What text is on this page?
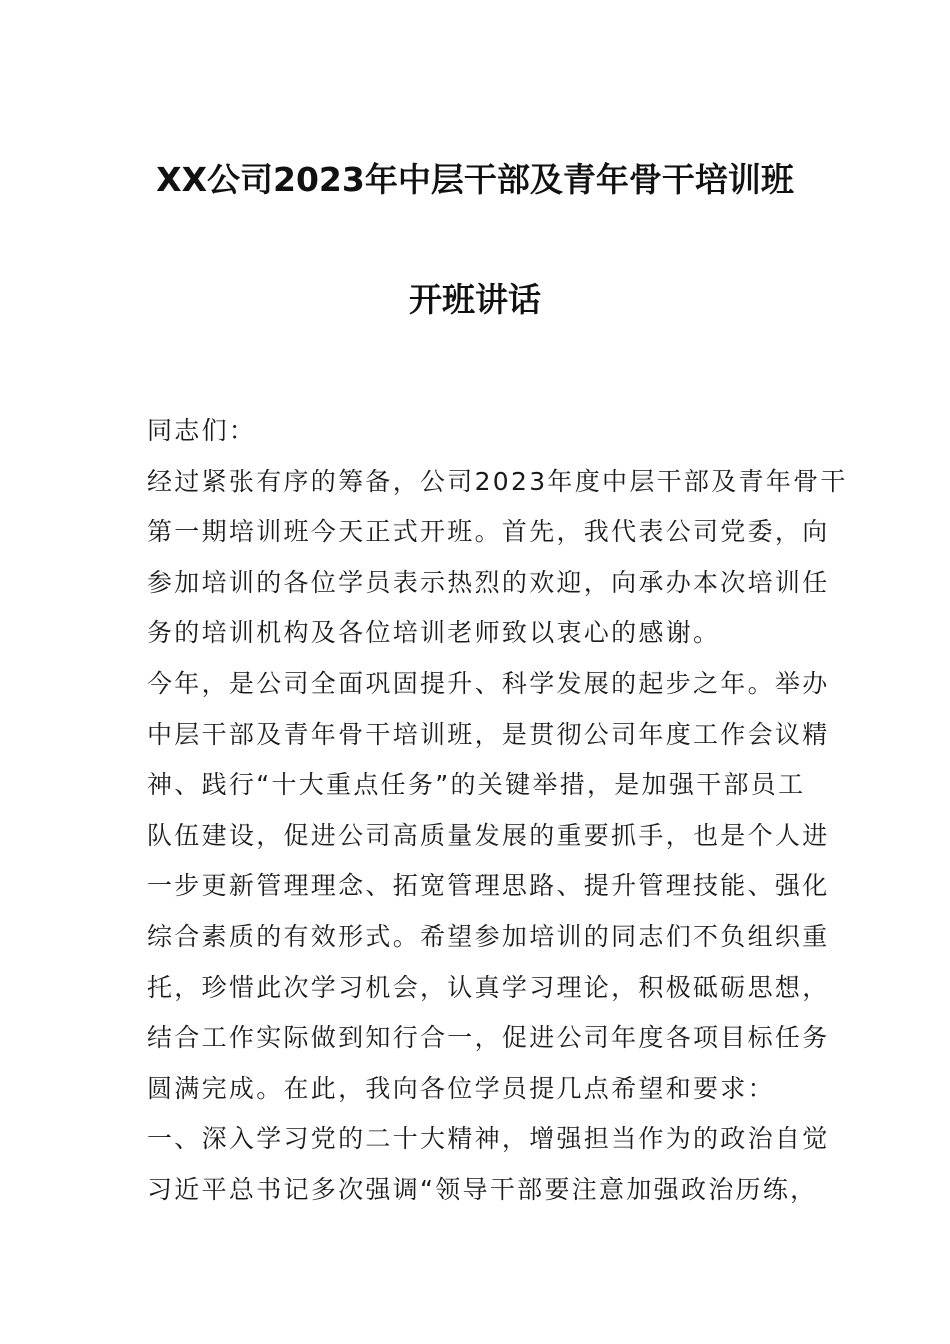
XX公司2023年中层干部及青年骨干培训班
开班讲话
同志们：
经过紧张有序的筹备，公司2023年度中层干部及青年骨干
第一期培训班今天正式开班。首先，我代表公司党委，向
参加培训的各位学员表示热烈的欢迎，向承办本次培训任
务的培训机构及各位培训老师致以衷心的感谢。
今年，是公司全面巩固提升、科学发展的起步之年。举办
中层干部及青年骨干培训班，是贯彻公司年度工作会议精
神、践行“十大重点任务”的关键举措，是加强干部员工
队伍建设，促进公司高质量发展的重要抓手，也是个人进
一步更新管理理念、拓宽管理思路、提升管理技能、强化
综合素质的有效形式。希望参加培训的同志们不负组织重
托，珍惜此次学习机会，认真学习理论，积极砥砺思想，
结合工作实际做到知行合一，促进公司年度各项目标任务
圆满完成。在此，我向各位学员提几点希望和要求：
一、深入学习党的二十大精神，增强担当作为的政治自觉
习近平总书记多次强调“领导干部要注意加强政治历练，
